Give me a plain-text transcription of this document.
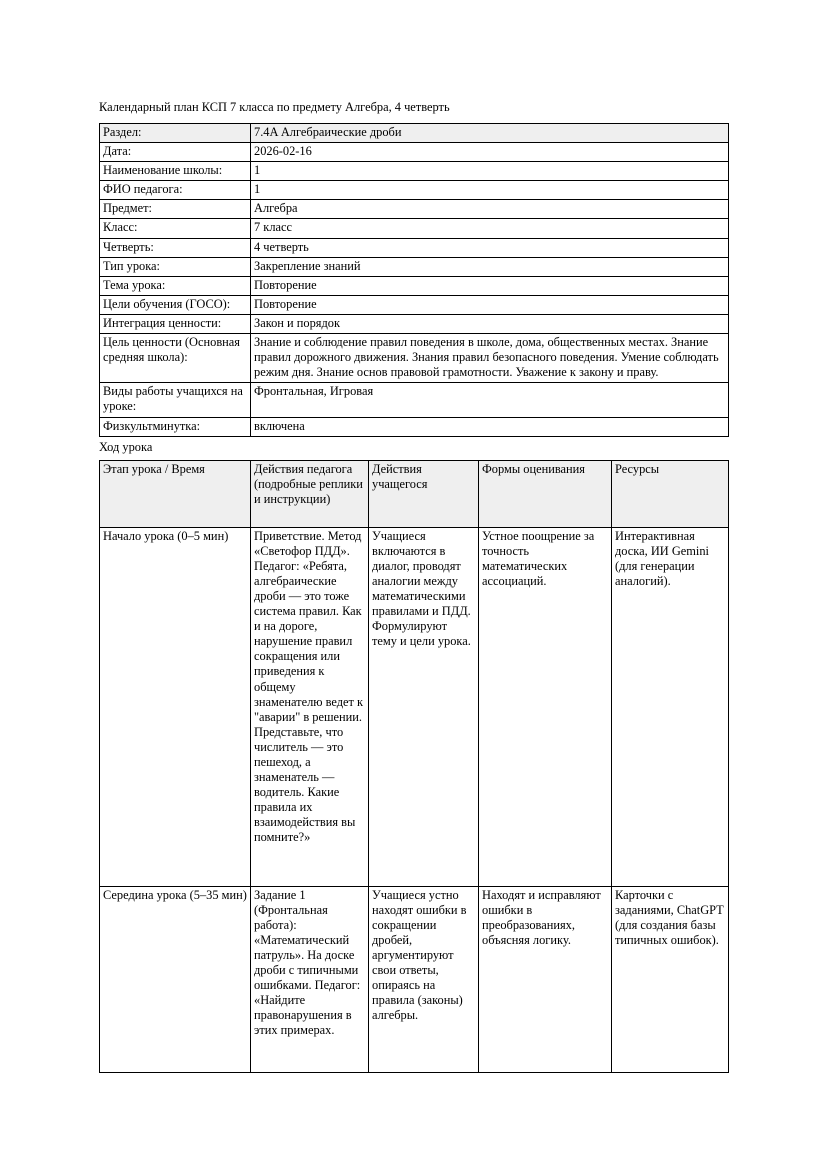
Календарный план КСП 7 класса по предмету Алгебра, 4 четверть

Раздел:	7.4A Алгебраические дроби
Дата:	2026-02-16
Наименование школы:	1
ФИО педагога:	1
Предмет:	Алгебра
Класс:	7 класс
Четверть:	4 четверть
Тип урока:	Закрепление знаний
Тема урока:	Повторение
Цели обучения (ГОСО):	Повторение
Интеграция ценности:	Закон и порядок
Цель ценности (Основная средняя школа):	Знание и соблюдение правил поведения в школе, дома, общественных местах. Знание правил дорожного движения. Знания правил безопасного поведения. Умение соблюдать режим дня. Знание основ правовой грамотности. Уважение к закону и праву.
Виды работы учащихся на уроке:	Фронтальная, Игровая
Физкультминутка:	включена

Ход урока

Этап урока / Время	Действия педагога (подробные реплики и инструкции)	Действия учащегося	Формы оценивания	Ресурсы
Начало урока (0–5 мин)	Приветствие. Метод «Светофор ПДД». Педагог: «Ребята, алгебраические дроби — это тоже система правил. Как и на дороге, нарушение правил сокращения или приведения к общему знаменателю ведет к "аварии" в решении. Представьте, что числитель — это пешеход, а знаменатель — водитель. Какие правила их взаимодействия вы помните?»	Учащиеся включаются в диалог, проводят аналогии между математическими правилами и ПДД. Формулируют тему и цели урока.	Устное поощрение за точность математических ассоциаций.	Интерактивная доска, ИИ Gemini (для генерации аналогий).
Середина урока (5–35 мин)	Задание 1 (Фронтальная работа): «Математический патруль». На доске дроби с типичными ошибками. Педагог: «Найдите правонарушения в этих примерах.	Учащиеся устно находят ошибки в сокращении дробей, аргументируют свои ответы, опираясь на правила (законы) алгебры.	Находят и исправляют ошибки в преобразованиях, объясняя логику.	Карточки с заданиями, ChatGPT (для создания базы типичных ошибок).
